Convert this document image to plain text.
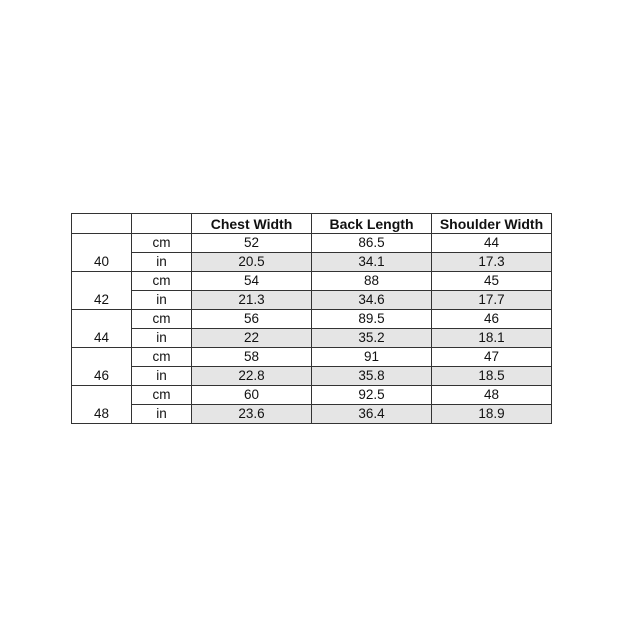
		Chest Width	Back Length	Shoulder Width
40	cm	52	86.5	44
	in	20.5	34.1	17.3
42	cm	54	88	45
	in	21.3	34.6	17.7
44	cm	56	89.5	46
	in	22	35.2	18.1
46	cm	58	91	47
	in	22.8	35.8	18.5
48	cm	60	92.5	48
	in	23.6	36.4	18.9
